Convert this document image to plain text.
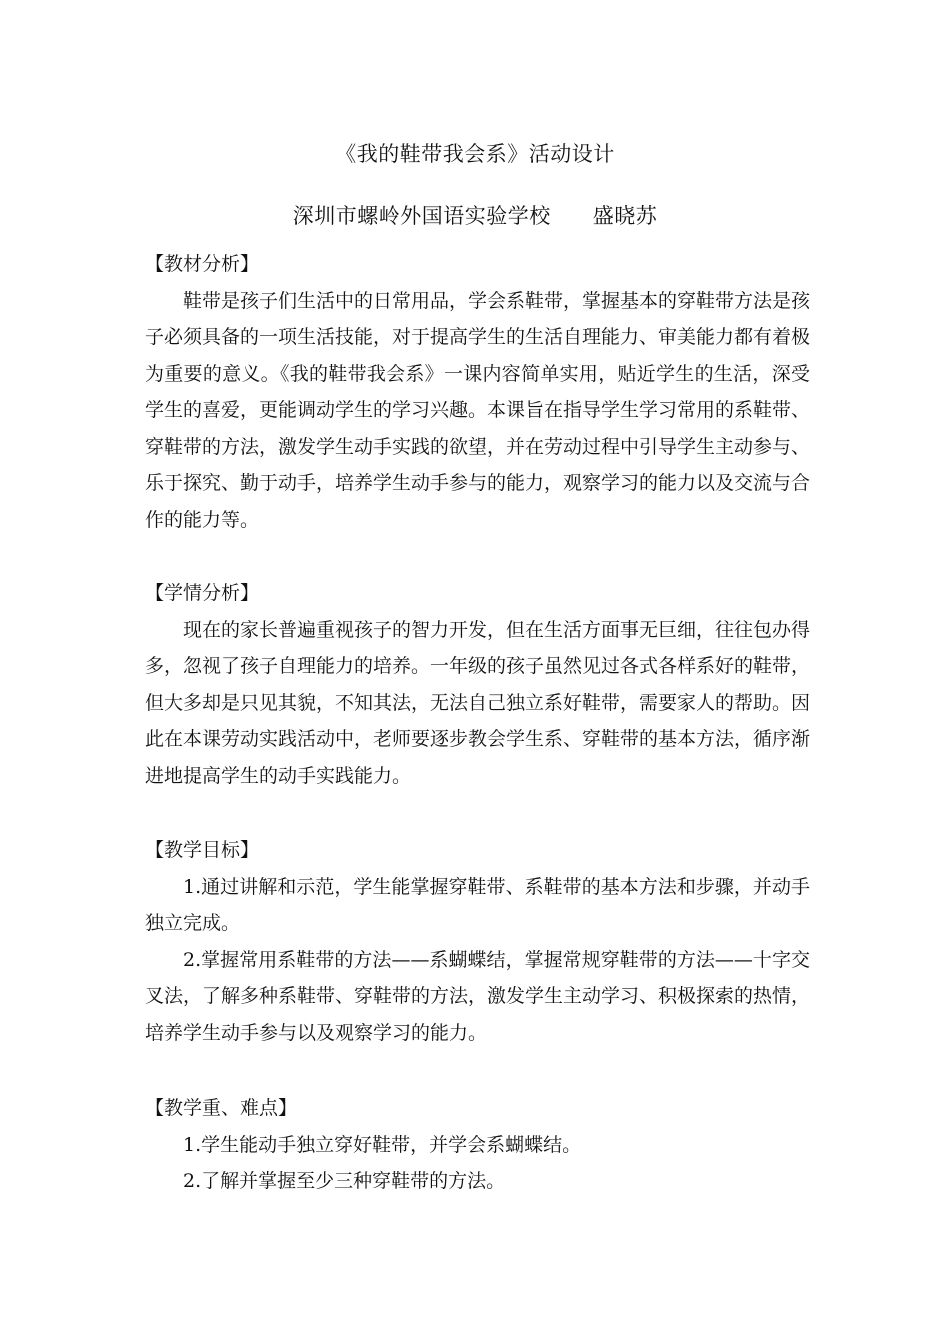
《我的鞋带我会系》活动设计
深圳市螺岭外国语实验学校 盛晓苏
【教材分析】

鞋带是孩子们生活中的日常用品，学会系鞋带，掌握基本的穿鞋带方法是孩子必须具备的一项生活技能，对于提高学生的生活自理能力、审美能力都有着极为重要的意义。《我的鞋带我会系》一课内容简单实用，贴近学生的生活，深受学生的喜爱，更能调动学生的学习兴趣。本课旨在指导学生学习常用的系鞋带、穿鞋带的方法，激发学生动手实践的欲望，并在劳动过程中引导学生主动参与、乐于探究、勤于动手，培养学生动手参与的能力，观察学习的能力以及交流与合作的能力等。

【学情分析】

现在的家长普遍重视孩子的智力开发，但在生活方面事无巨细，往往包办得多，忽视了孩子自理能力的培养。一年级的孩子虽然见过各式各样系好的鞋带，但大多却是只见其貌，不知其法，无法自己独立系好鞋带，需要家人的帮助。因此在本课劳动实践活动中，老师要逐步教会学生系、穿鞋带的基本方法，循序渐进地提高学生的动手实践能力。

【教学目标】

1.通过讲解和示范，学生能掌握穿鞋带、系鞋带的基本方法和步骤，并动手独立完成。

2.掌握常用系鞋带的方法——系蝴蝶结，掌握常规穿鞋带的方法——十字交叉法，了解多种系鞋带、穿鞋带的方法，激发学生主动学习、积极探索的热情，培养学生动手参与以及观察学习的能力。

【教学重、难点】

1.学生能动手独立穿好鞋带，并学会系蝴蝶结。

2.了解并掌握至少三种穿鞋带的方法。
